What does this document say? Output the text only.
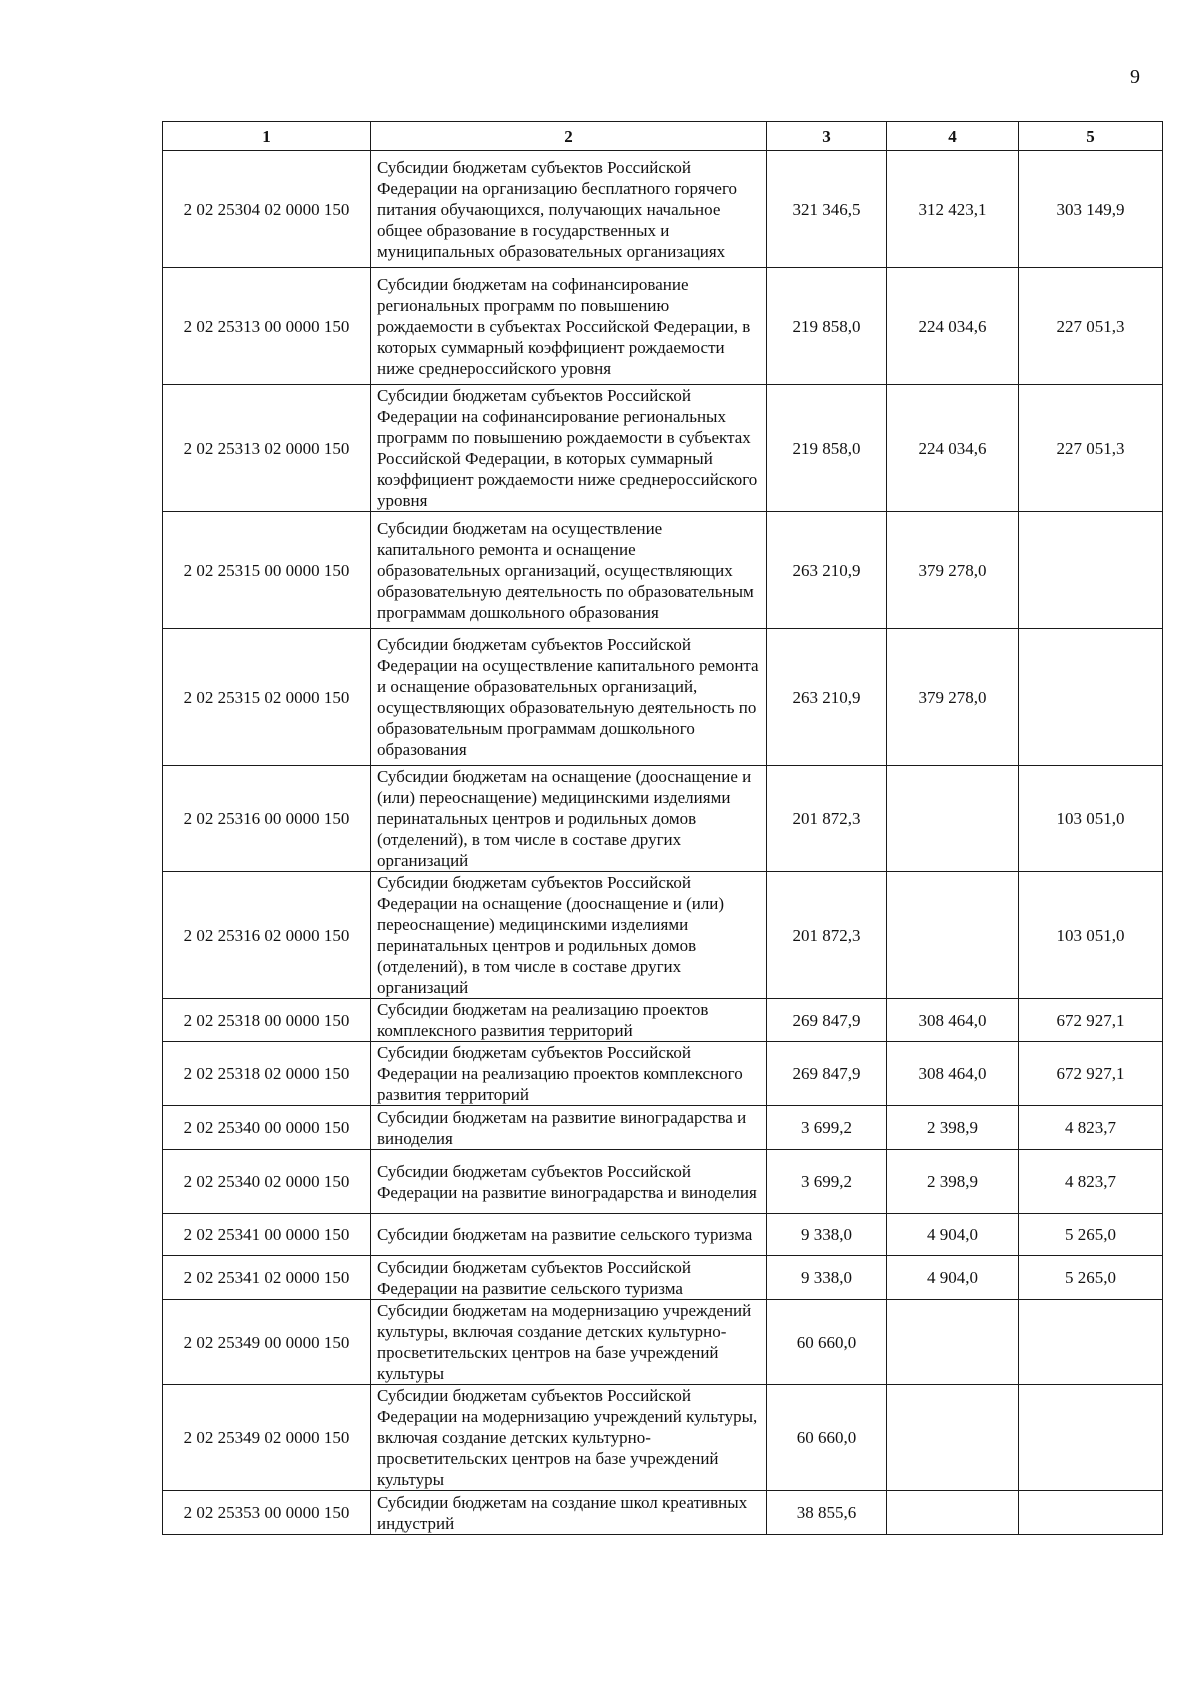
9
1	2	3	4	5
2 02 25304 02 0000 150	Субсидии бюджетам субъектов Российской Федерации на организацию бесплатного горячего питания обучающихся, получающих начальное общее образование в государственных и муниципальных образовательных организациях	321 346,5	312 423,1	303 149,9
2 02 25313 00 0000 150	Субсидии бюджетам на софинансирование региональных программ по повышению рождаемости в субъектах Российской Федерации, в которых суммарный коэффициент рождаемости ниже среднероссийского уровня	219 858,0	224 034,6	227 051,3
2 02 25313 02 0000 150	Субсидии бюджетам субъектов Российской Федерации на софинансирование региональных программ по повышению рождаемости в субъектах Российской Федерации, в которых суммарный коэффициент рождаемости ниже среднероссийского уровня	219 858,0	224 034,6	227 051,3
2 02 25315 00 0000 150	Субсидии бюджетам на осуществление капитального ремонта и оснащение образовательных организаций, осуществляющих образовательную деятельность по образовательным программам дошкольного образования	263 210,9	379 278,0	
2 02 25315 02 0000 150	Субсидии бюджетам субъектов Российской Федерации на осуществление капитального ремонта и оснащение образовательных организаций, осуществляющих образовательную деятельность по образовательным программам дошкольного образования	263 210,9	379 278,0	
2 02 25316 00 0000 150	Субсидии бюджетам на оснащение (дооснащение и (или) переоснащение) медицинскими изделиями перинатальных центров и родильных домов (отделений), в том числе в составе других организаций	201 872,3		103 051,0
2 02 25316 02 0000 150	Субсидии бюджетам субъектов Российской Федерации на оснащение (дооснащение и (или) переоснащение) медицинскими изделиями перинатальных центров и родильных домов (отделений), в том числе в составе других организаций	201 872,3		103 051,0
2 02 25318 00 0000 150	Субсидии бюджетам на реализацию проектов комплексного развития территорий	269 847,9	308 464,0	672 927,1
2 02 25318 02 0000 150	Субсидии бюджетам субъектов Российской Федерации на реализацию проектов комплексного развития территорий	269 847,9	308 464,0	672 927,1
2 02 25340 00 0000 150	Субсидии бюджетам на развитие виноградарства и виноделия	3 699,2	2 398,9	4 823,7
2 02 25340 02 0000 150	Субсидии бюджетам субъектов Российской Федерации на развитие виноградарства и виноделия	3 699,2	2 398,9	4 823,7
2 02 25341 00 0000 150	Субсидии бюджетам на развитие сельского туризма	9 338,0	4 904,0	5 265,0
2 02 25341 02 0000 150	Субсидии бюджетам субъектов Российской Федерации на развитие сельского туризма	9 338,0	4 904,0	5 265,0
2 02 25349 00 0000 150	Субсидии бюджетам на модернизацию учреждений культуры, включая создание детских культурно-просветительских центров на базе учреждений культуры	60 660,0		
2 02 25349 02 0000 150	Субсидии бюджетам субъектов Российской Федерации на модернизацию учреждений культуры, включая создание детских культурно-просветительских центров на базе учреждений культуры	60 660,0		
2 02 25353 00 0000 150	Субсидии бюджетам на создание школ креативных индустрий	38 855,6		
